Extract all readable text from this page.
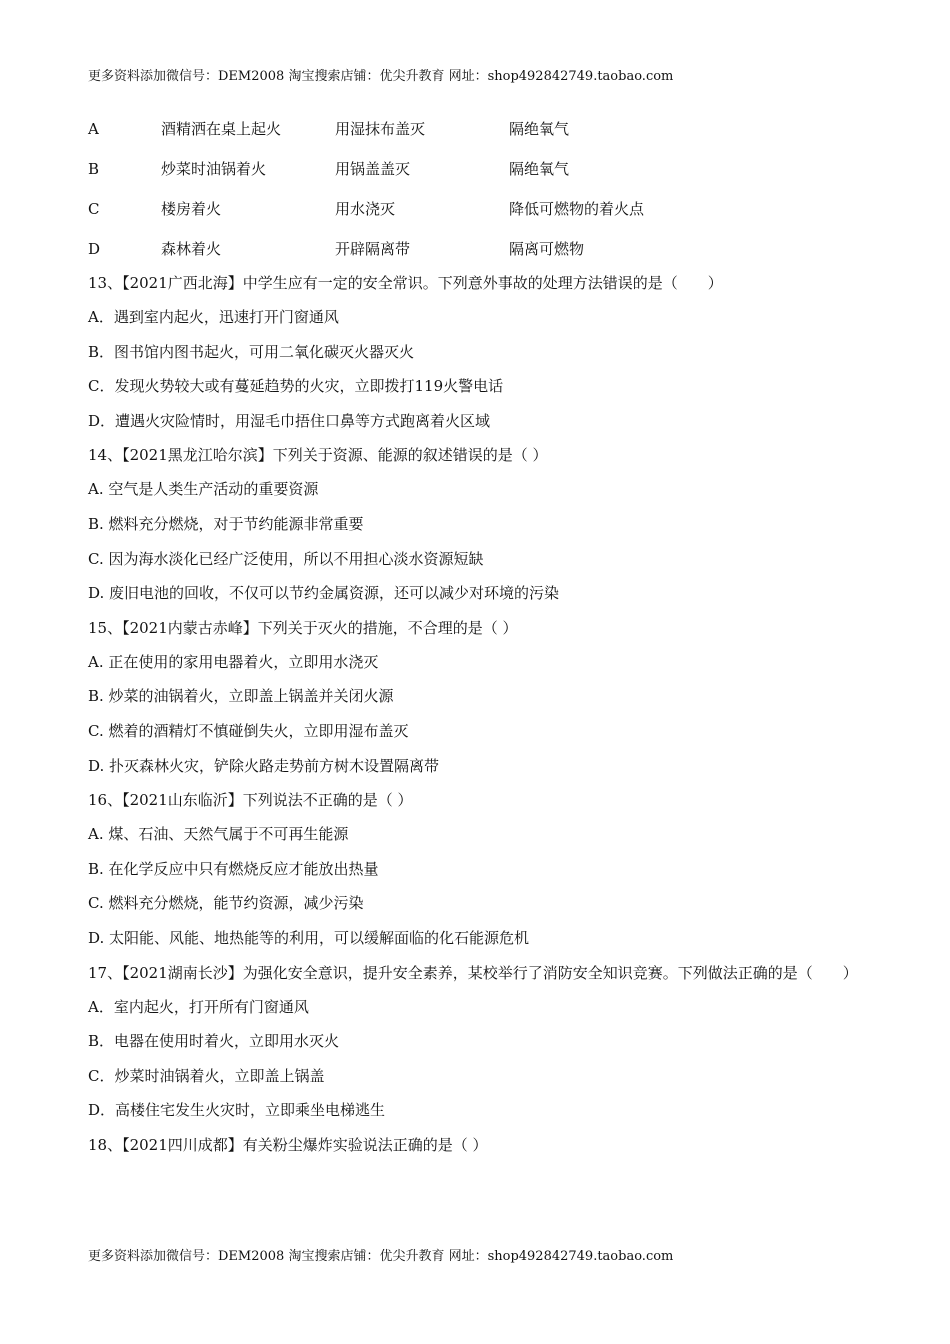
更多资料添加微信号：DEM2008 淘宝搜索店铺：优尖升教育 网址：shop492842749.taobao.com
A	酒精洒在桌上起火	用湿抹布盖灭	隔绝氧气
B	炒菜时油锅着火	用锅盖盖灭	隔绝氧气
C	楼房着火	用水浇灭	降低可燃物的着火点
D	森林着火	开辟隔离带	隔离可燃物

13、【2021广西北海】中学生应有一定的安全常识。下列意外事故的处理方法错误的是（　　）

A．遇到室内起火，迅速打开门窗通风

B．图书馆内图书起火，可用二氧化碳灭火器灭火

C．发现火势较大或有蔓延趋势的火灾，立即拨打119火警电话

D．遭遇火灾险情时，用湿毛巾捂住口鼻等方式跑离着火区域

14、【2021黑龙江哈尔滨】下列关于资源、能源的叙述错误的是（ ）

A. 空气是人类生产活动的重要资源

B. 燃料充分燃烧，对于节约能源非常重要

C. 因为海水淡化已经广泛使用，所以不用担心淡水资源短缺

D. 废旧电池的回收，不仅可以节约金属资源，还可以减少对环境的污染

15、【2021内蒙古赤峰】下列关于灭火的措施，不合理的是（ ）

A. 正在使用的家用电器着火，立即用水浇灭

B. 炒菜的油锅着火，立即盖上锅盖并关闭火源

C. 燃着的酒精灯不慎碰倒失火，立即用湿布盖灭

D. 扑灭森林火灾，铲除火路走势前方树木设置隔离带

16、【2021山东临沂】下列说法不正确的是（ ）

A. 煤、石油、天然气属于不可再生能源

B. 在化学反应中只有燃烧反应才能放出热量

C. 燃料充分燃烧，能节约资源，减少污染

D. 太阳能、风能、地热能等的利用，可以缓解面临的化石能源危机

17、【2021湖南长沙】为强化安全意识，提升安全素养，某校举行了消防安全知识竞赛。下列做法正确的是（　　）

A．室内起火，打开所有门窗通风

B．电器在使用时着火，立即用水灭火

C．炒菜时油锅着火，立即盖上锅盖

D．高楼住宅发生火灾时，立即乘坐电梯逃生

18、【2021四川成都】有关粉尘爆炸实验说法正确的是（ ）

更多资料添加微信号：DEM2008 淘宝搜索店铺：优尖升教育 网址：shop492842749.taobao.com
